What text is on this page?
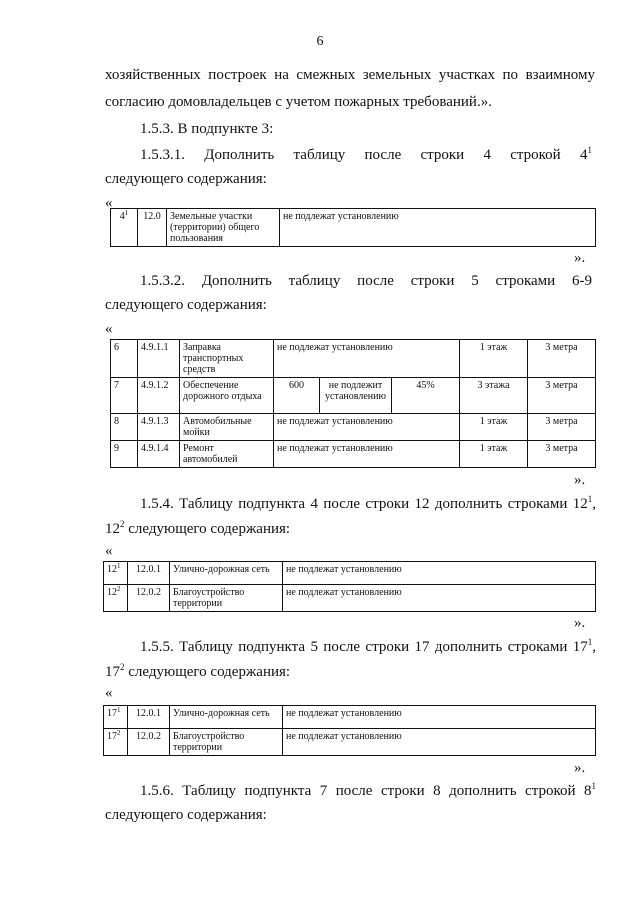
6
хозяйственных построек на смежных земельных участках по взаимному
согласию домовладельцев с учетом пожарных требований.».
1.5.3. В подпункте 3:
1.5.3.1. Дополнить таблицу после строки 4 строкой $4^1$
следующего содержания:
«
$4^1$	12.0	Земельные участки (территории) общего пользования	не подлежат установлению
».
1.5.3.2. Дополнить таблицу после строки 5 строками 6-9
следующего содержания:
«
6	4.9.1.1	Заправка транспортных средств	не подлежат установлению			1 этаж	3 метра
7	4.9.1.2	Обеспечение дорожного отдыха	600	не подлежит установлению	45%	3 этажа	3 метра
8	4.9.1.3	Автомобильные мойки	не подлежат установлению			1 этаж	3 метра
9	4.9.1.4	Ремонт автомобилей	не подлежат установлению			1 этаж	3 метра
».
1.5.4. Таблицу подпункта 4 после строки 12 дополнить строками $12^1$,
$12^2$ следующего содержания:
«
$12^1$	12.0.1	Улично-дорожная сеть	не подлежат установлению
$12^2$	12.0.2	Благоустройство территории	не подлежат установлению
».
1.5.5. Таблицу подпункта 5 после строки 17 дополнить строками $17^1$,
$17^2$ следующего содержания:
«
$17^1$	12.0.1	Улично-дорожная сеть	не подлежат установлению
$17^2$	12.0.2	Благоустройство территории	не подлежат установлению
».
1.5.6. Таблицу подпункта 7 после строки 8 дополнить строкой $8^1$
следующего содержания:
